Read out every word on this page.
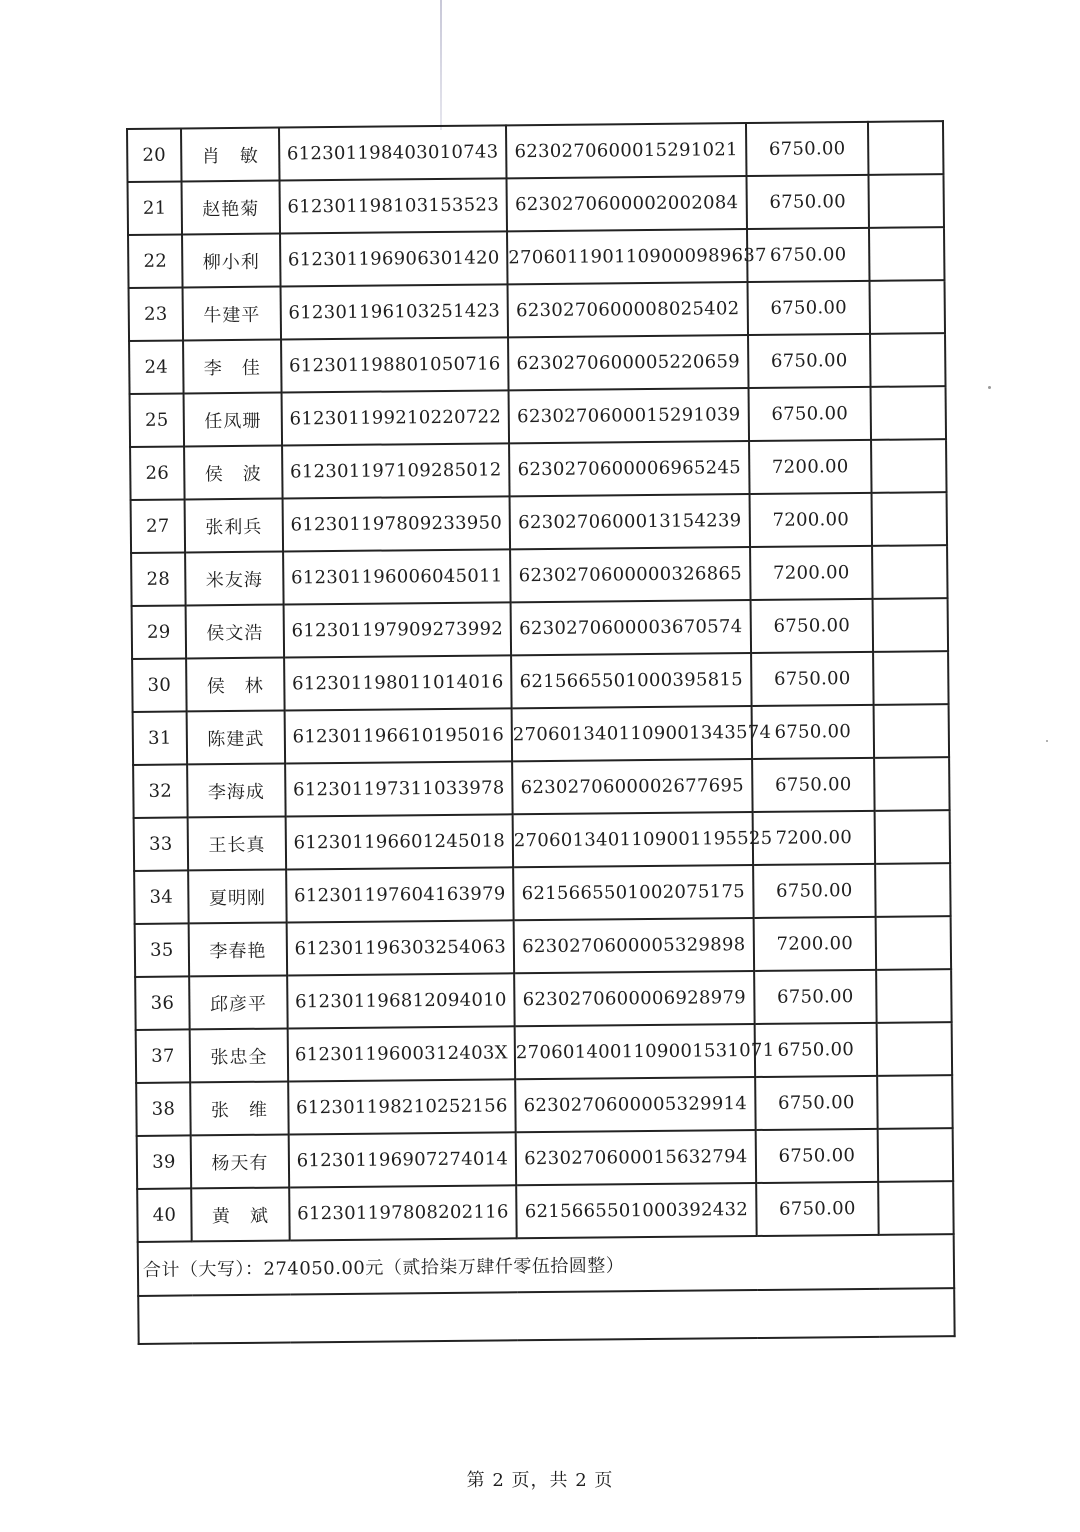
20	肖　敏	612301198403010743	6230270600015291021	6750.00	
21	赵艳菊	612301198103153523	6230270600002002084	6750.00	
22	柳小利	612301196906301420	2706011901109000989637	6750.00	
23	牛建平	612301196103251423	6230270600008025402	6750.00	
24	李　佳	612301198801050716	6230270600005220659	6750.00	
25	任凤珊	612301199210220722	6230270600015291039	6750.00	
26	侯　波	612301197109285012	6230270600006965245	7200.00	
27	张利兵	612301197809233950	6230270600013154239	7200.00	
28	米友海	612301196006045011	6230270600000326865	7200.00	
29	侯文浩	612301197909273992	6230270600003670574	6750.00	
30	侯　林	612301198011014016	6215665501000395815	6750.00	
31	陈建武	612301196610195016	2706013401109001343574	6750.00	
32	李海成	612301197311033978	6230270600002677695	6750.00	
33	王长真	612301196601245018	2706013401109001195525	7200.00	
34	夏明刚	612301197604163979	6215665501002075175	6750.00	
35	李春艳	612301196303254063	6230270600005329898	7200.00	
36	邱彦平	612301196812094010	6230270600006928979	6750.00	
37	张忠全	61230119600312403X	2706014001109001531071	6750.00	
38	张　维	612301198210252156	6230270600005329914	6750.00	
39	杨天有	612301196907274014	6230270600015632794	6750.00	
40	黄　斌	612301197808202116	6215665501000392432	6750.00	
合计（大写）：274050.00元（贰拾柒万肆仟零伍拾圆整）					

第 2 页，共 2 页
